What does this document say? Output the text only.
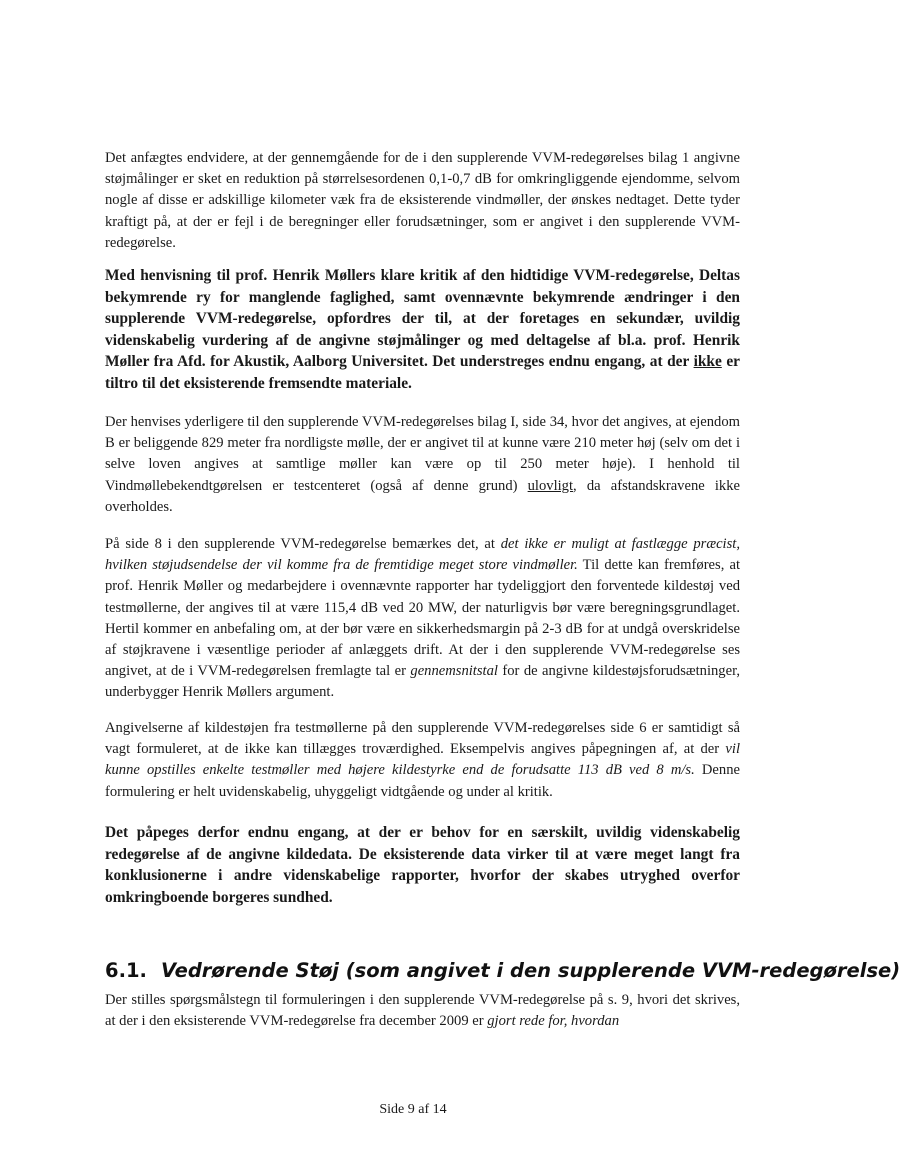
Det anfægtes endvidere, at der gennemgående for de i den supplerende VVM-redegørelses bilag 1 angivne støjmålinger er sket en reduktion på størrelsesordenen 0,1-0,7 dB for omkringliggende ejendomme, selvom nogle af disse er adskillige kilometer væk fra de eksisterende vindmøller, der ønskes nedtaget. Dette tyder kraftigt på, at der er fejl i de beregninger eller forudsætninger, som er angivet i den supplerende VVM-redegørelse.

Med henvisning til prof. Henrik Møllers klare kritik af den hidtidige VVM-redegørelse, Deltas bekymrende ry for manglende faglighed, samt ovennævnte bekymrende ændringer i den supplerende VVM-redegørelse, opfordres der til, at der foretages en sekundær, uvildig videnskabelig vurdering af de angivne støjmålinger og med deltagelse af bl.a. prof. Henrik Møller fra Afd. for Akustik, Aalborg Universitet. Det understreges endnu engang, at der ikke er tiltro til det eksisterende fremsendte materiale.

Der henvises yderligere til den supplerende VVM-redegørelses bilag I, side 34, hvor det angives, at ejendom B er beliggende 829 meter fra nordligste mølle, der er angivet til at kunne være 210 meter høj (selv om det i selve loven angives at samtlige møller kan være op til 250 meter høje). I henhold til Vindmøllebekendtgørelsen er testcenteret (også af denne grund) ulovligt, da afstandskravene ikke overholdes.

På side 8 i den supplerende VVM-redegørelse bemærkes det, at det ikke er muligt at fastlægge præcist, hvilken støjudsendelse der vil komme fra de fremtidige meget store vindmøller. Til dette kan fremføres, at prof. Henrik Møller og medarbejdere i ovennævnte rapporter har tydeliggjort den forventede kildestøj ved testmøllerne, der angives til at være 115,4 dB ved 20 MW, der naturligvis bør være beregningsgrundlaget. Hertil kommer en anbefaling om, at der bør være en sikkerhedsmargin på 2-3 dB for at undgå overskridelse af støjkravene i væsentlige perioder af anlæggets drift. At der i den supplerende VVM-redegørelse ses angivet, at de i VVM-redegørelsen fremlagte tal er gennemsnitstal for de angivne kildestøjsforudsætninger, underbygger Henrik Møllers argument.

Angivelserne af kildestøjen fra testmøllerne på den supplerende VVM-redegørelses side 6 er samtidigt så vagt formuleret, at de ikke kan tillægges troværdighed. Eksempelvis angives påpegningen af, at der vil kunne opstilles enkelte testmøller med højere kildestyrke end de forudsatte 113 dB ved 8 m/s. Denne formulering er helt uvidenskabelig, uhyggeligt vidtgående og under al kritik.

Det påpeges derfor endnu engang, at der er behov for en særskilt, uvildig videnskabelig redegørelse af de angivne kildedata. De eksisterende data virker til at være meget langt fra konklusionerne i andre videnskabelige rapporter, hvorfor der skabes utryghed overfor omkringboende borgeres sundhed.

6.1. Vedrørende Støj (som angivet i den supplerende VVM-redegørelse)

Der stilles spørgsmålstegn til formuleringen i den supplerende VVM-redegørelse på s. 9, hvori det skrives, at der i den eksisterende VVM-redegørelse fra december 2009 er gjort rede for, hvordan

Side 9 af 14
